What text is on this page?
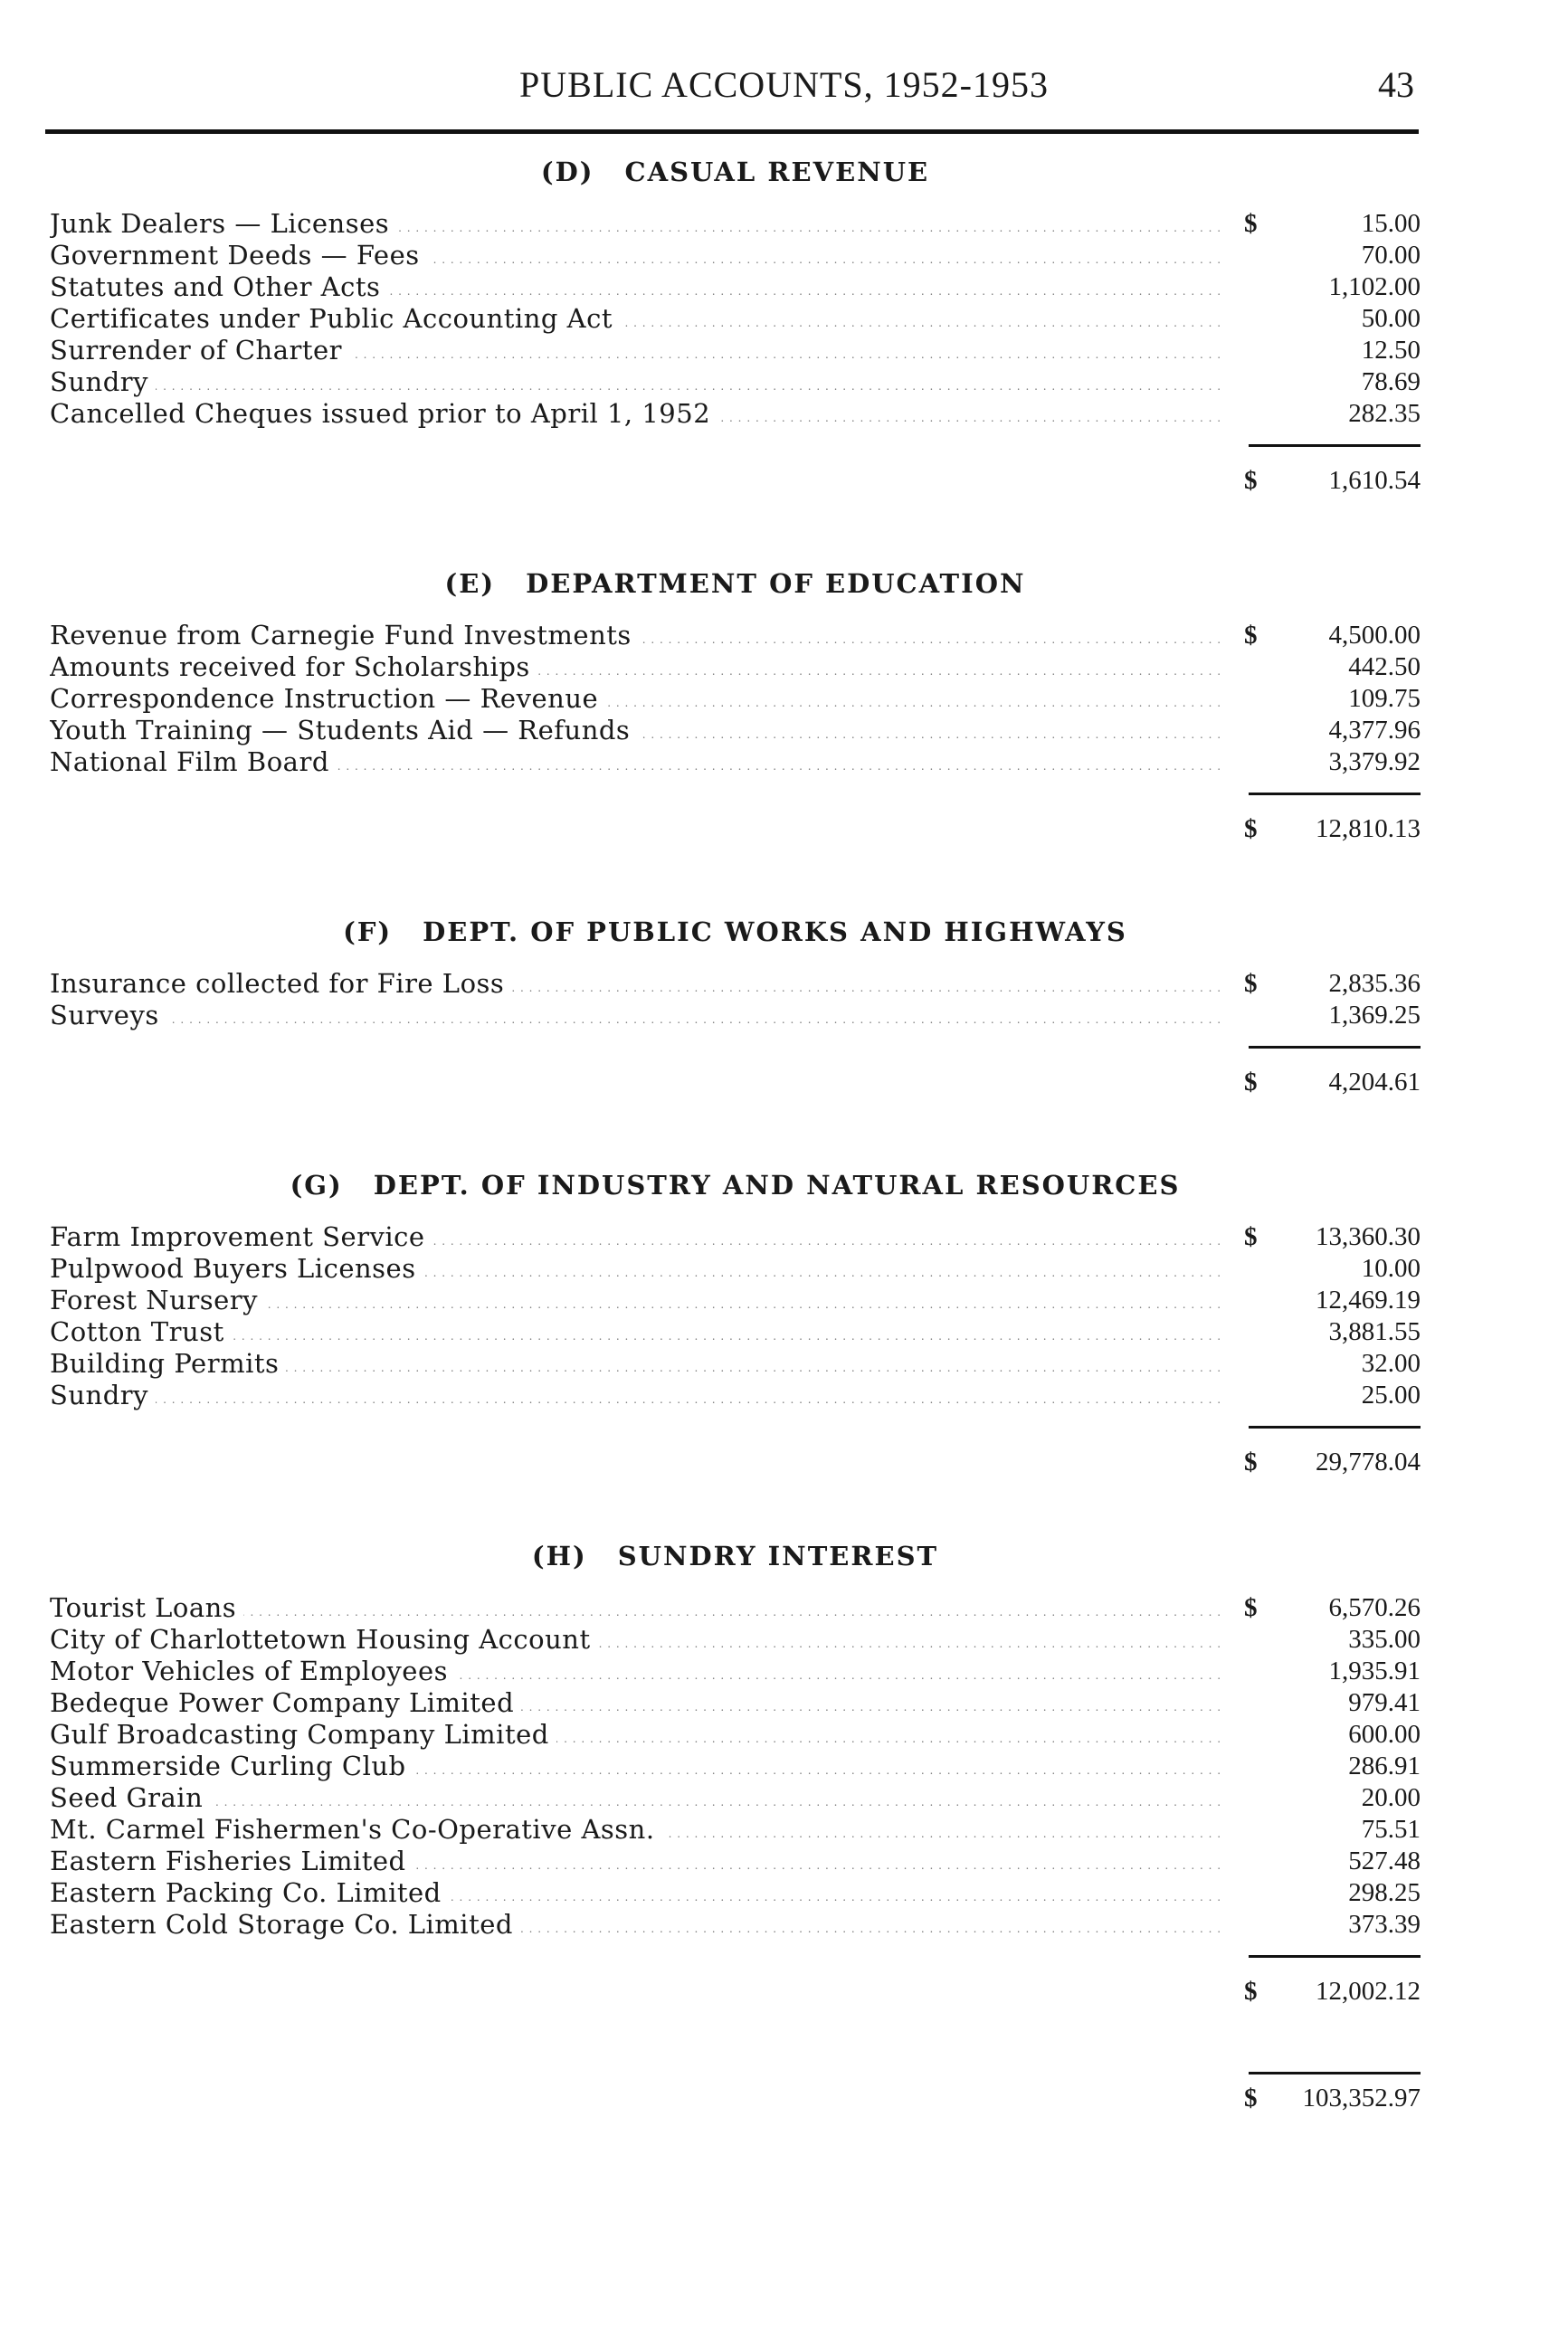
PUBLIC ACCOUNTS, 1952-1953	43
(D) CASUAL REVENUE
Junk Dealers — Licenses . . .	$	15.00
Government Deeds — Fees . . .	70.00
Statutes and Other Acts . . .	1,102.00
Certificates under Public Accounting Act . . .	50.00
Surrender of Charter . . .	12.50
Sundry . . .	78.69
Cancelled Cheques issued prior to April 1, 1952 . . .	282.35
$	1,610.54
(E) DEPARTMENT OF EDUCATION
Revenue from Carnegie Fund Investments . . .	$	4,500.00
Amounts received for Scholarships . . .	442.50
Correspondence Instruction — Revenue . . .	109.75
Youth Training — Students Aid — Refunds . . .	4,377.96
National Film Board . . .	3,379.92
$ 12,810.13
(F) DEPT. OF PUBLIC WORKS AND HIGHWAYS
Insurance collected for Fire Loss . . .	$	2,835.36
Surveys . . .	1,369.25
$	4,204.61
(G) DEPT. OF INDUSTRY AND NATURAL RESOURCES
Farm Improvement Service . . .	$ 13,360.30
Pulpwood Buyers Licenses . . .	10.00
Forest Nursery . . .	12,469.19
Cotton Trust . . .	3,881.55
Building Permits . . .	32.00
Sundry . . .	25.00
$ 29,778.04
(H) SUNDRY INTEREST
Tourist Loans . . .	$	6,570.26
City of Charlottetown Housing Account . . .	335.00
Motor Vehicles of Employees . . .	1,935.91
Bedeque Power Company Limited . . .	979.41
Gulf Broadcasting Company Limited . . .	600.00
Summerside Curling Club . . .	286.91
Seed Grain . . .	20.00
Mt. Carmel Fishermen's Co-Operative Assn. . . .	75.51
Eastern Fisheries Limited . . .	527.48
Eastern Packing Co. Limited . . .	298.25
Eastern Cold Storage Co. Limited . . .	373.39
$ 12,002.12
$ 103,352.97
